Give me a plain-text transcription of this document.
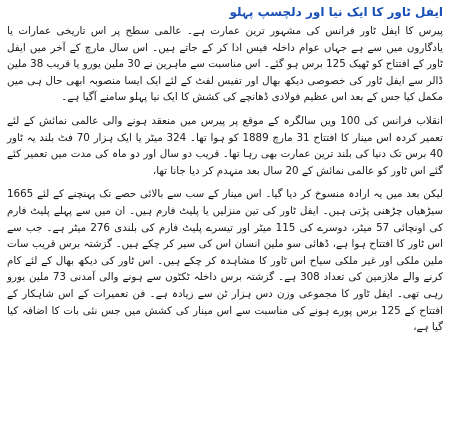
ایفل ٹاور کا ایک نیا اور دلچسپ پہلو

پیرس کا ایفل ٹاور فرانس کی مشہور ترین عمارت ہے۔ عالمی سطح پر اس تاریخی عمارات یا یادگاروں میں سے ہے جہاں عوام داخلہ فیس ادا کر کے جاتے ہیں۔ اس سال مارچ کے آخر میں ایفل ٹاور کے افتتاح کو ٹھیک 125 برس ہو گئے۔ اس مناسبت سے ماہرین نے 30 ملین یورو یا قریب 38 ملین ڈالر سے ایفل ٹاور کی خصوصی دیکھ بھال اور تفیس لفٹ کے لئے ایک ایسا منصوبہ ابھی حال ہی میں مکمل کیا جس کے بعد اس عظیم فولادی ڈھانچے کی کشش کا ایک نیا پہلو سامنے آگیا ہے۔

انقلاب فرانس کی 100 ویں سالگرہ کے موقع پر پیرس میں منعقد ہونے والی عالمی نمائش کے لئے تعمیر کردہ اس مینار کا افتتاح 31 مارچ 1889 کو ہوا تھا۔ 324 میٹر یا ایک ہزار 70 فٹ بلند یہ ٹاور 40 برس تک دنیا کی بلند ترین عمارت بھی رہا تھا۔ قریب دو سال اور دو ماہ کی مدت میں تعمیر کئے گئے اس ٹاور کو عالمی نمائش کے 20 سال بعد منہدم کر دیا جانا تھا،

لیکن بعد میں یہ ارادہ منسوخ کر دیا گیا۔ اس مینار کے سب سے بالائی حصے تک پہنچنے کے لئے 1665 سیڑھیاں چڑھنی پڑتی ہیں۔ ایفل ٹاور کی تین منزلیں یا پلیٹ فارم ہیں۔ ان میں سے پہلے پلیٹ فارم کی اونچائی 57 میٹر، دوسرے کی 115 میٹر اور تیسرے پلیٹ فارم کی بلندی 276 میٹر ہے۔ جب سے اس ٹاور کا افتتاح ہوا ہے، ڈھائی سو ملین انسان اس کی سیر کر چکے ہیں۔ گزشتہ برس قریب سات ملین ملکی اور غیر ملکی سیاح اس ٹاور کا مشاہدہ کر چکے ہیں۔ اس ٹاور کی دیکھ بھال کے لئے کام کرنے والے ملازمین کی تعداد 308 ہے۔ گزشتہ برس داخلہ ٹکٹوں سے ہونے والی آمدنی 73 ملین یورو رہی تھی۔ ایفل ٹاور کا مجموعی وزن دس ہزار ٹن سے زیادہ ہے۔ فن تعمیرات کے اس شاہکار کے افتتاح کے 125 برس پورے ہونے کی مناسبت سے اس مینار کی کشش میں جس نئی بات کا اضافہ کیا گیا ہے،
